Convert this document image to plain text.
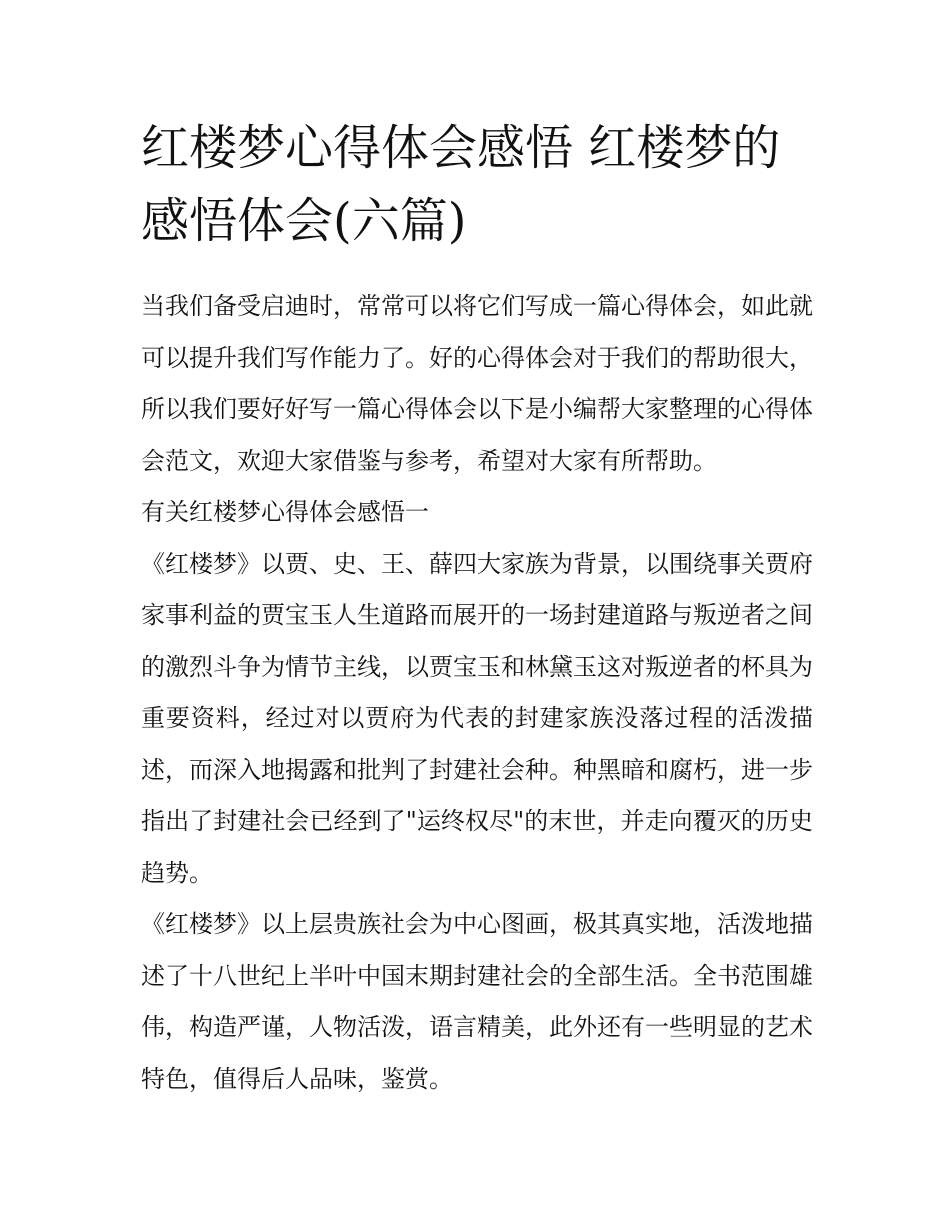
红楼梦心得体会感悟 红楼梦的感悟体会(六篇)

当我们备受启迪时，常常可以将它们写成一篇心得体会，如此就可以提升我们写作能力了。好的心得体会对于我们的帮助很大，所以我们要好好写一篇心得体会以下是小编帮大家整理的心得体会范文，欢迎大家借鉴与参考，希望对大家有所帮助。

有关红楼梦心得体会感悟一

《红楼梦》以贾、史、王、薛四大家族为背景，以围绕事关贾府家事利益的贾宝玉人生道路而展开的一场封建道路与叛逆者之间的激烈斗争为情节主线，以贾宝玉和林黛玉这对叛逆者的杯具为重要资料，经过对以贾府为代表的封建家族没落过程的活泼描述，而深入地揭露和批判了封建社会种。种黑暗和腐朽，进一步指出了封建社会已经到了"运终权尽"的末世，并走向覆灭的历史趋势。

《红楼梦》以上层贵族社会为中心图画，极其真实地，活泼地描述了十八世纪上半叶中国末期封建社会的全部生活。全书范围雄伟，构造严谨，人物活泼，语言精美，此外还有一些明显的艺术特色，值得后人品味，鉴赏。
